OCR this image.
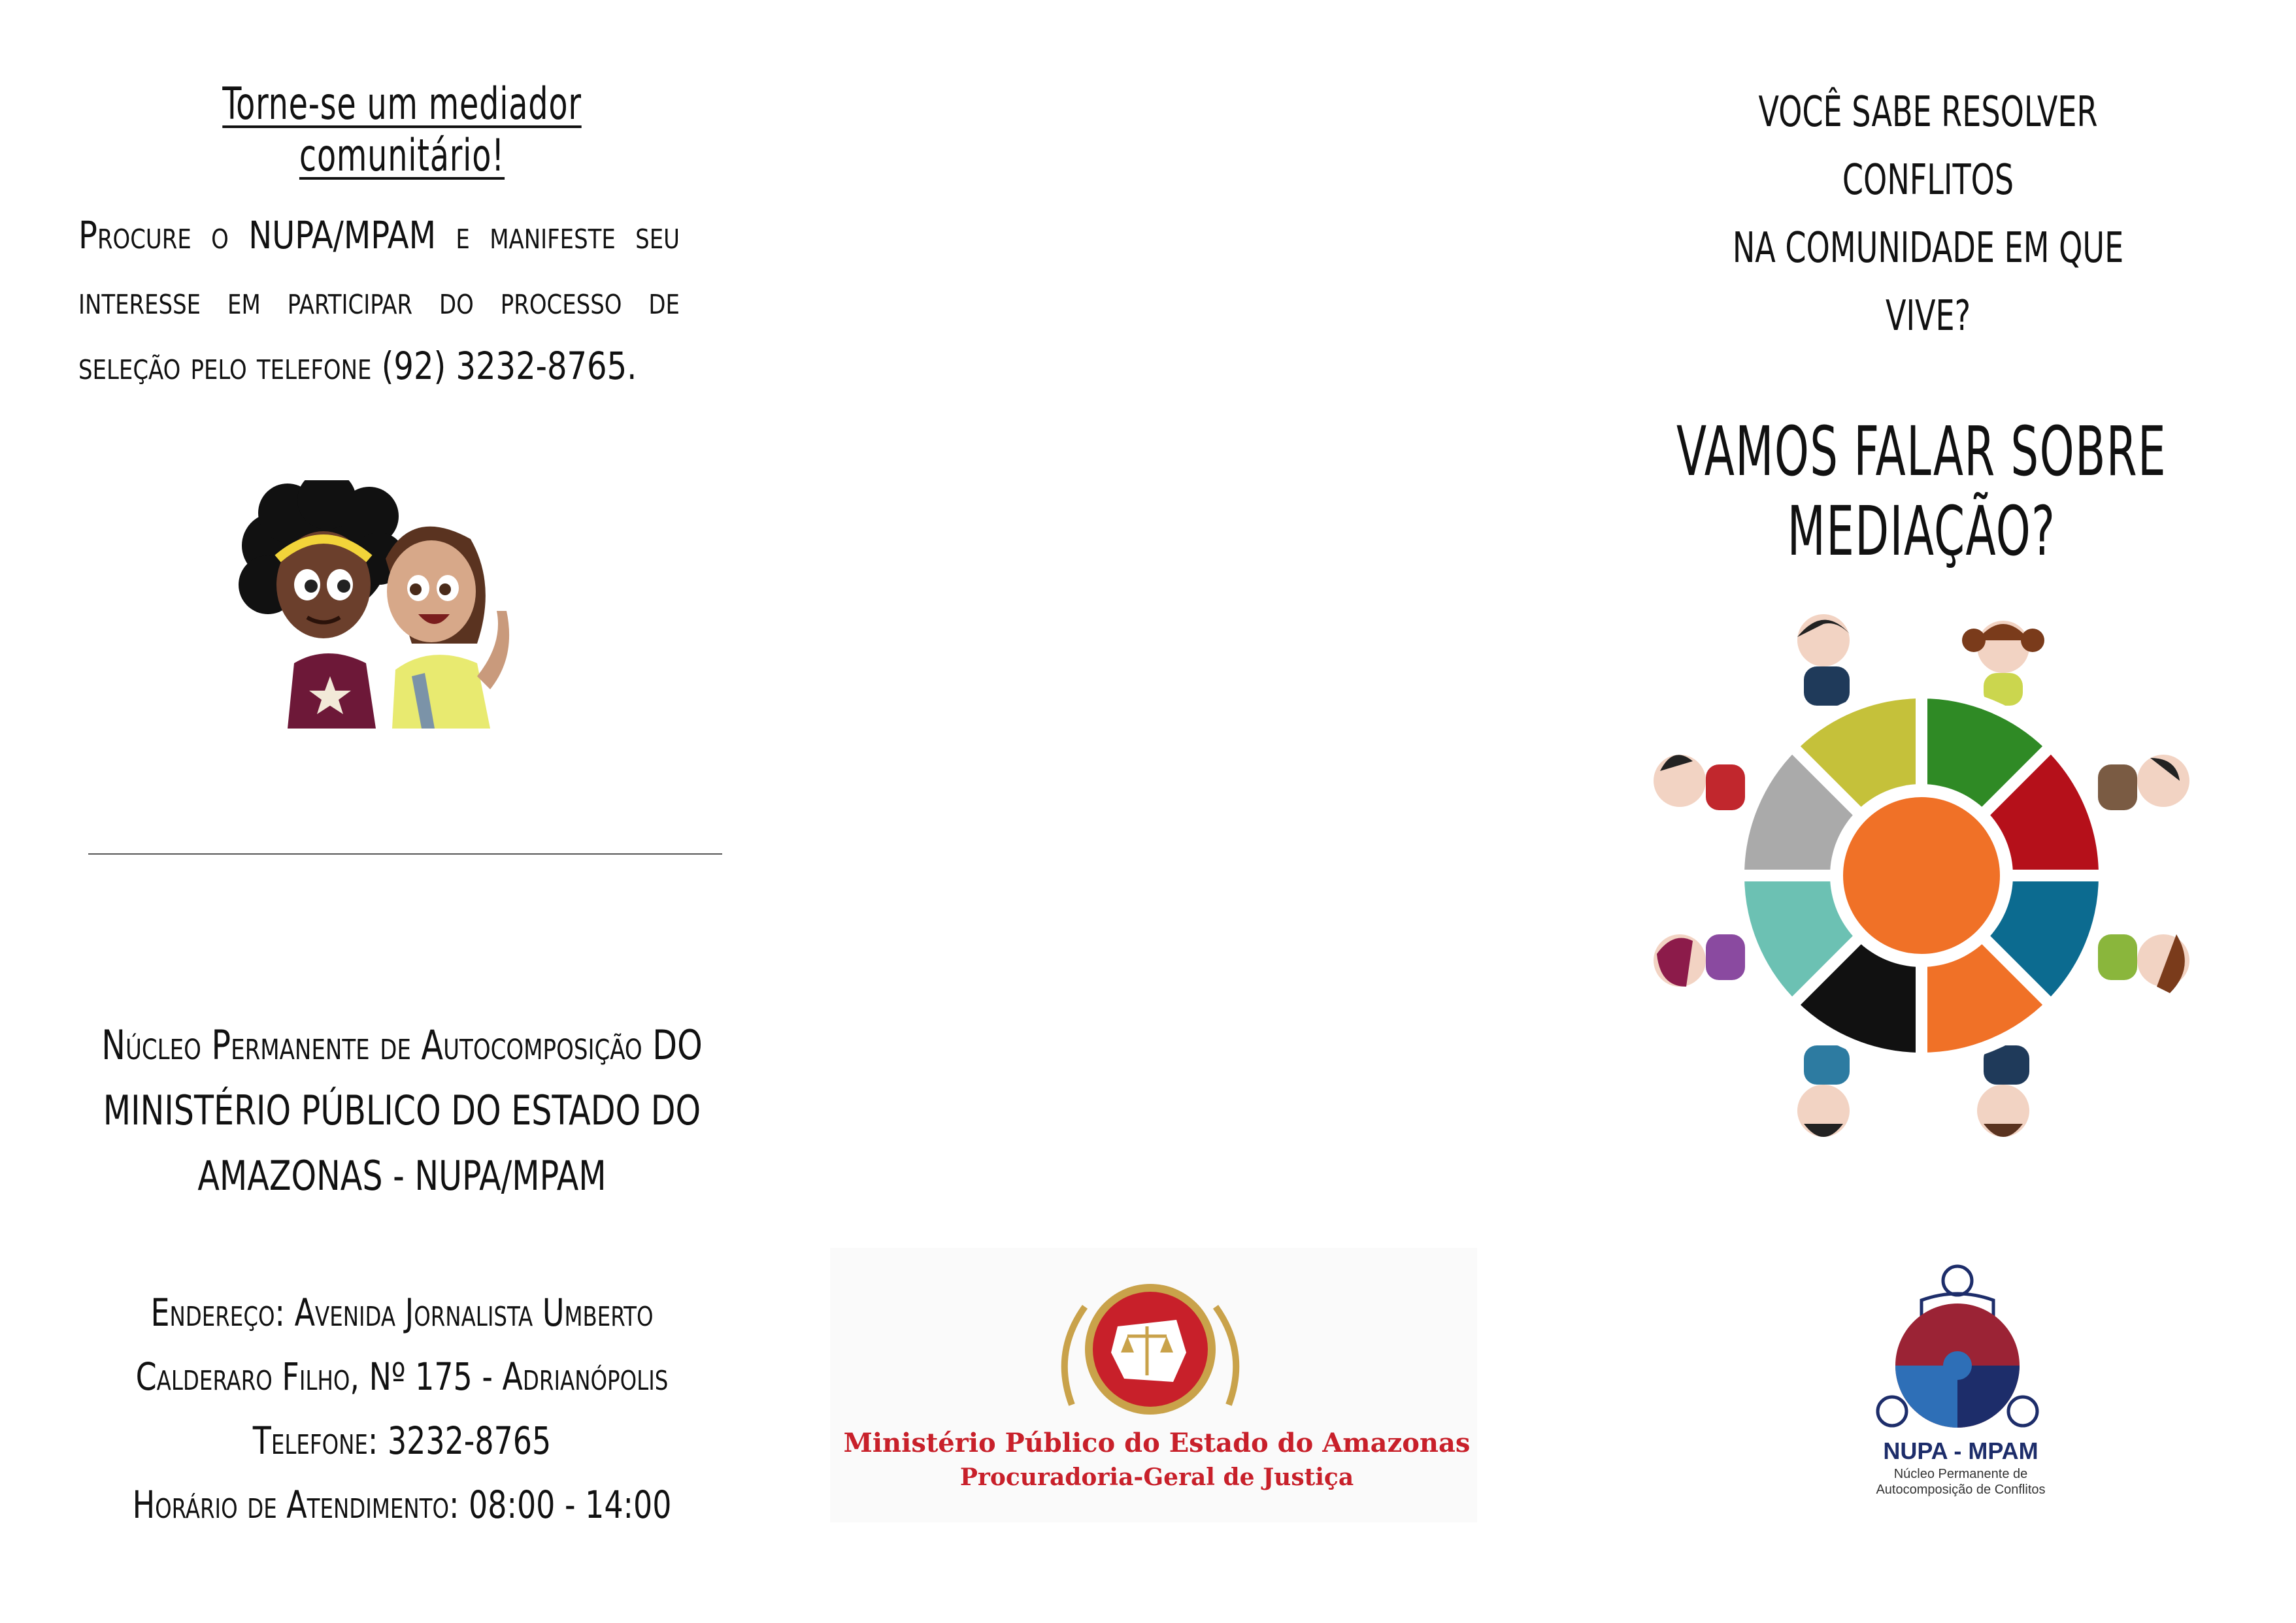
Torne-se um mediador comunitário!
Procure o NUPA/MPAM e manifeste seu interesse em participar do processo de seleção pelo telefone (92) 3232-8765.
Núcleo Permanente de Autocomposição DO MINISTÉRIO PÚBLICO DO ESTADO DO AMAZONAS - NUPA/MPAM
Endereço: Avenida Jornalista Umberto
Calderaro Filho, Nº 175 - Adrianópolis
Telefone: 3232-8765
Horário de Atendimento: 08:00 - 14:00
Ministério Público do Estado do Amazonas
Procuradoria-Geral de Justiça
VOCÊ SABE RESOLVER CONFLITOS
NA COMUNIDADE EM QUE VIVE?
VAMOS FALAR SOBRE MEDIAÇÃO?
NUPA - MPAM
Núcleo Permanente de
Autocomposição de Conflitos
